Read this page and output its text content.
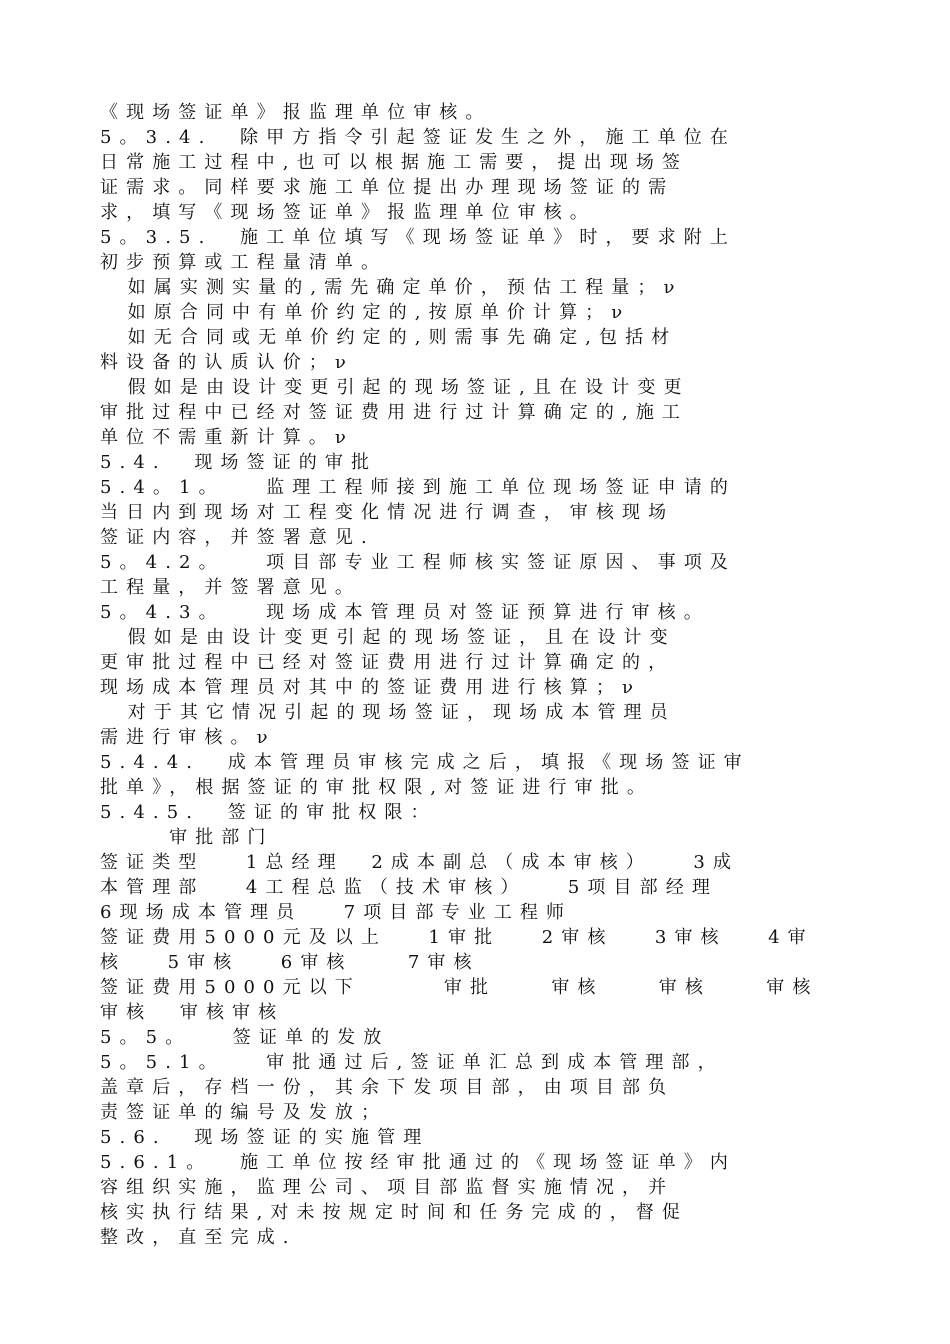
《现场签证单》报监理单位审核。
5。3.4.  除甲方指令引起签证发生之外，施工单位在
日常施工过程中,也可以根据施工需要，提出现场签
证需求。同样要求施工单位提出办理现场签证的需
求，填写《现场签证单》报监理单位审核。
5。3.5.  施工单位填写《现场签证单》时，要求附上
初步预算或工程量清单。
如属实测实量的,需先确定单价，预估工程量；ν
如原合同中有单价约定的,按原单价计算；ν
如无合同或无单价约定的,则需事先确定,包括材
料设备的认质认价；ν
假如是由设计变更引起的现场签证,且在设计变更
审批过程中已经对签证费用进行过计算确定的,施工
单位不需重新计算。ν
5.4.  现场签证的审批
5.4。1。   监理工程师接到施工单位现场签证申请的
当日内到现场对工程变化情况进行调查，审核现场
签证内容，并签署意见.
5。4.2。   项目部专业工程师核实签证原因、事项及
工程量，并签署意见。
5。4.3。   现场成本管理员对签证预算进行审核。
假如是由设计变更引起的现场签证，且在设计变
更审批过程中已经对签证费用进行过计算确定的，
现场成本管理员对其中的签证费用进行核算；ν
对于其它情况引起的现场签证，现场成本管理员
需进行审核。ν
5.4.4.  成本管理员审核完成之后，填报《现场签证审
批单》，根据签证的审批权限,对签证进行审批。
5.4.5.  签证的审批权限：
审批部门
签证类型   1总经理  2成本副总（成本审核）   3成
本管理部   4工程总监（技术审核）   5项目部经理
6现场成本管理员   7项目部专业工程师
签证费用5000元及以上   1审批   2审核   3审核   4审
核   5审核   6审核    7审核
签证费用5000元以下      审批    审核    审核    审核
审核  审核审核
5。5。   签证单的发放
5。5.1。   审批通过后,签证单汇总到成本管理部，
盖章后，存档一份，其余下发项目部，由项目部负
责签证单的编号及发放；
5.6.  现场签证的实施管理
5.6.1。  施工单位按经审批通过的《现场签证单》内
容组织实施，监理公司、项目部监督实施情况，并
核实执行结果,对未按规定时间和任务完成的，督促
整改，直至完成.
